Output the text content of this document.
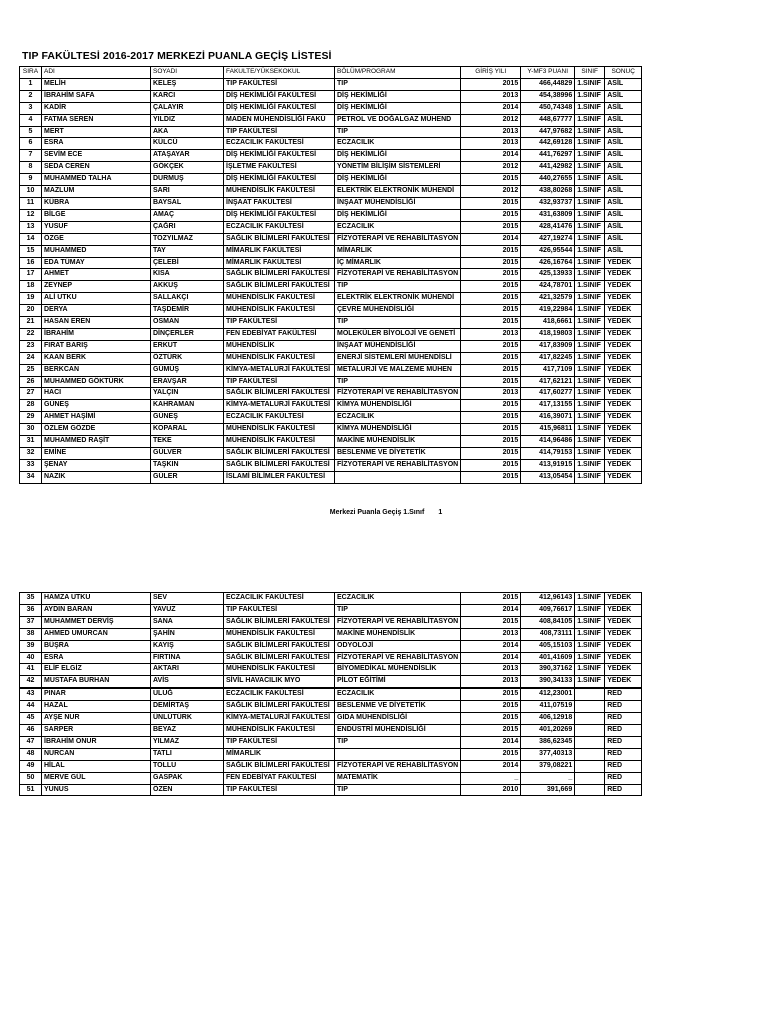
TIP FAKÜLTESİ 2016-2017 MERKEZİ PUANLA GEÇİŞ LİSTESİ
SIRA	ADI	SOYADI	FAKULTE/YÜKSEKOKUL	BÖLÜM/PROGRAM	GİRİŞ YILI	Y-MF3 PUANI	SINIF	SONUÇ
1	MELİH	KELEŞ	TIP FAKÜLTESİ	TIP	2015	466,44829	1.SINIF	ASİL
2	İBRAHİM SAFA	KARCI	DİŞ HEKİMLİĞİ FAKÜLTESİ	DİŞ HEKİMLİĞİ	2013	454,38996	1.SINIF	ASİL
3	KADİR	ÇALAYIR	DİŞ HEKİMLİĞİ FAKÜLTESİ	DİŞ HEKİMLİĞİ	2014	450,74348	1.SINIF	ASİL
4	FATMA SEREN	YILDIZ	MADEN MÜHENDİSLİĞİ FAKÜ	PETROL VE DOĞALGAZ MÜHEND	2012	448,67777	1.SINIF	ASİL
5	MERT	AKA	TIP FAKÜLTESİ	TIP	2013	447,97682	1.SINIF	ASİL
6	ESRA	KÜLCÜ	ECZACILIK FAKÜLTESİ	ECZACILIK	2013	442,69128	1.SINIF	ASİL
7	SEVİM ECE	ATAŞAYAR	DİŞ HEKİMLİĞİ FAKÜLTESİ	DİŞ HEKİMLİĞİ	2014	441,76297	1.SINIF	ASİL
8	SEDA CEREN	GÖKÇEK	İŞLETME FAKÜLTESİ	YÖNETİM BİLİŞİM SİSTEMLERİ	2012	441,42982	1.SINIF	ASİL
9	MUHAMMED TALHA	DURMUŞ	DİŞ HEKİMLİĞİ FAKÜLTESİ	DİŞ HEKİMLİĞİ	2015	440,27655	1.SINIF	ASİL
10	MAZLUM	SARI	MÜHENDİSLİK FAKÜLTESİ	ELEKTRİK ELEKTRONİK MÜHENDİ	2012	438,80268	1.SINIF	ASİL
11	KÜBRA	BAYSAL	İNŞAAT FAKÜLTESİ	İNŞAAT MÜHENDİSLİĞİ	2015	432,93737	1.SINIF	ASİL
12	BİLGE	AMAÇ	DİŞ HEKİMLİĞİ FAKÜLTESİ	DİŞ HEKİMLİĞİ	2015	431,63809	1.SINIF	ASİL
13	YUSUF	ÇAĞRI	ECZACILIK FAKÜLTESİ	ECZACILIK	2015	428,41476	1.SINIF	ASİL
14	ÖZGE	TOZYILMAZ	SAĞLIK BİLİMLERİ FAKÜLTESİ	FİZYOTERAPİ VE REHABİLİTASYON	2014	427,19274	1.SINIF	ASİL
15	MUHAMMED	TAY	MİMARLIK FAKÜLTESİ	MİMARLIK	2015	426,95544	1.SINIF	ASİL
16	EDA TÜMAY	ÇELEBİ	MİMARLIK FAKÜLTESİ	İÇ MİMARLIK	2015	426,16764	1.SINIF	YEDEK
17	AHMET	KISA	SAĞLIK BİLİMLERİ FAKÜLTESİ	FİZYOTERAPİ VE REHABİLİTASYON	2015	425,13933	1.SINIF	YEDEK
18	ZEYNEP	AKKUŞ	SAĞLIK BİLİMLERİ FAKÜLTESİ	TIP	2015	424,78701	1.SINIF	YEDEK
19	ALİ UTKU	SALLAKÇI	MÜHENDİSLİK FAKÜLTESİ	ELEKTRİK ELEKTRONİK MÜHENDİ	2015	421,32579	1.SINIF	YEDEK
20	DERYA	TAŞDEMİR	MÜHENDİSLİK FAKÜLTESİ	ÇEVRE MÜHENDİSLİĞİ	2015	419,22984	1.SINIF	YEDEK
21	HASAN EREN	OSMAN	TIP FAKÜLTESİ	TIP	2015	418,6661	1.SINIF	YEDEK
22	İBRAHİM	DİNÇERLER	FEN EDEBİYAT FAKÜLTESİ	MOLEKÜLER BİYOLOJİ VE GENETİ	2013	418,19803	1.SINIF	YEDEK
23	FIRAT BARIŞ	ERKUT	MÜHENDİSLİK	İNŞAAT MÜHENDİSLİĞİ	2015	417,83909	1.SINIF	YEDEK
24	KAAN BERK	ÖZTÜRK	MÜHENDİSLİK FAKÜLTESİ	ENERJİ SİSTEMLERİ MÜHENDİSLİ	2015	417,82245	1.SINIF	YEDEK
25	BERKCAN	GÜMÜŞ	KİMYA-METALURJİ FAKÜLTESİ	METALURJİ VE MALZEME MÜHEN	2015	417,7109	1.SINIF	YEDEK
26	MUHAMMED GÖKTÜRK	ERAVŞAR	TIP FAKÜLTESİ	TIP	2015	417,62121	1.SINIF	YEDEK
27	HACI	YALÇIN	SAĞLIK BİLİMLERİ FAKÜLTESİ	FİZYOTERAPİ VE REHABİLİTASYON	2013	417,60277	1.SINIF	YEDEK
28	GÜNEŞ	KAHRAMAN	KİMYA-METALURJİ FAKÜLTESİ	KİMYA MÜHENDİSLİĞİ	2015	417,13155	1.SINIF	YEDEK
29	AHMET HAŞİMİ	GÜNEŞ	ECZACILIK FAKÜLTESİ	ECZACILIK	2015	416,39071	1.SINIF	YEDEK
30	ÖZLEM GÖZDE	KOPARAL	MÜHENDİSLİK FAKÜLTESİ	KİMYA MÜHENDİSLİĞİ	2015	415,96811	1.SINIF	YEDEK
31	MUHAMMED RAŞİT	TEKE	MÜHENDİSLİK FAKÜLTESİ	MAKİNE MÜHENDİSLİK	2015	414,96486	1.SINIF	YEDEK
32	EMİNE	GÜLVER	SAĞLIK BİLİMLERİ FAKÜLTESİ	BESLENME VE DİYETETİK	2015	414,79153	1.SINIF	YEDEK
33	ŞENAY	TAŞKIN	SAĞLIK BİLİMLERİ FAKÜLTESİ	FİZYOTERAPİ VE REHABİLİTASYON	2015	413,91915	1.SINIF	YEDEK
34	NAZIK	GÜLER	İSLAMİ BİLİMLER FAKÜLTESİ		2015	413,05454	1.SINIF	YEDEK
Merkezi Puanla Geçiş 1.Sınıf 1
35	HAMZA UTKU	SEV	ECZACILIK FAKÜLTESİ	ECZACILIK	2015	412,96143	1.SINIF	YEDEK
36	AYDIN BARAN	YAVUZ	TIP FAKÜLTESİ	TIP	2014	409,76617	1.SINIF	YEDEK
37	MUHAMMET DERVİŞ	SANA	SAĞLIK BİLİMLERİ FAKÜLTESİ	FİZYOTERAPİ VE REHABİLİTASYON	2015	408,84105	1.SINIF	YEDEK
38	AHMED UMURCAN	ŞAHİN	MÜHENDİSLİK FAKÜLTESİ	MAKİNE MÜHENDİSLİK	2013	408,73111	1.SINIF	YEDEK
39	BÜŞRA	KAYIŞ	SAĞLIK BİLİMLERİ FAKÜLTESİ	ODYOLOJİ	2014	405,15103	1.SINIF	YEDEK
40	ESRA	FIRTINA	SAĞLIK BİLİMLERİ FAKÜLTESİ	FİZYOTERAPİ VE REHABİLİTASYON	2014	401,41609	1.SINIF	YEDEK
41	ELİF ELGİZ	AKTARI	MÜHENDİSLİK FAKÜLTESİ	BİYOMEDİKAL MÜHENDİSLİK	2013	390,37162	1.SINIF	YEDEK
42	MUSTAFA BURHAN	AVİS	SİVİL HAVACILIK MYO	PİLOT EĞİTİMİ	2013	390,34133	1.SINIF	YEDEK
43	PINAR	ULUĞ	ECZACILIK FAKÜLTESİ	ECZACILIK	2015	412,23001		RED
44	HAZAL	DEMİRTAŞ	SAĞLIK BİLİMLERİ FAKÜLTESİ	BESLENME VE DİYETETİK	2015	411,07519		RED
45	AYŞE NUR	ÜNLÜTÜRK	KİMYA-METALURJİ FAKÜLTESİ	GIDA MÜHENDİSLİĞİ	2015	406,12918		RED
46	SARPER	BEYAZ	MÜHENDİSLİK FAKÜLTESİ	ENDÜSTRİ MÜHENDİSLİĞİ	2015	401,20269		RED
47	İBRAHİM ONUR	YILMAZ	TIP FAKÜLTESİ	TIP	2014	386,62345		RED
48	NURCAN	TATLI	MİMARLIK		2015	377,40313		RED
49	HİLAL	TOLLU	SAĞLIK BİLİMLERİ FAKÜLTESİ	FİZYOTERAPİ VE REHABİLİTASYON	2014	379,08221		RED
50	MERVE GÜL	GASPAK	FEN EDEBİYAT FAKÜLTESİ	MATEMATİK	_	_		RED
51	YUNUS	ÖZEN	TIP FAKÜLTESİ	TIP	2010	391,669		RED
